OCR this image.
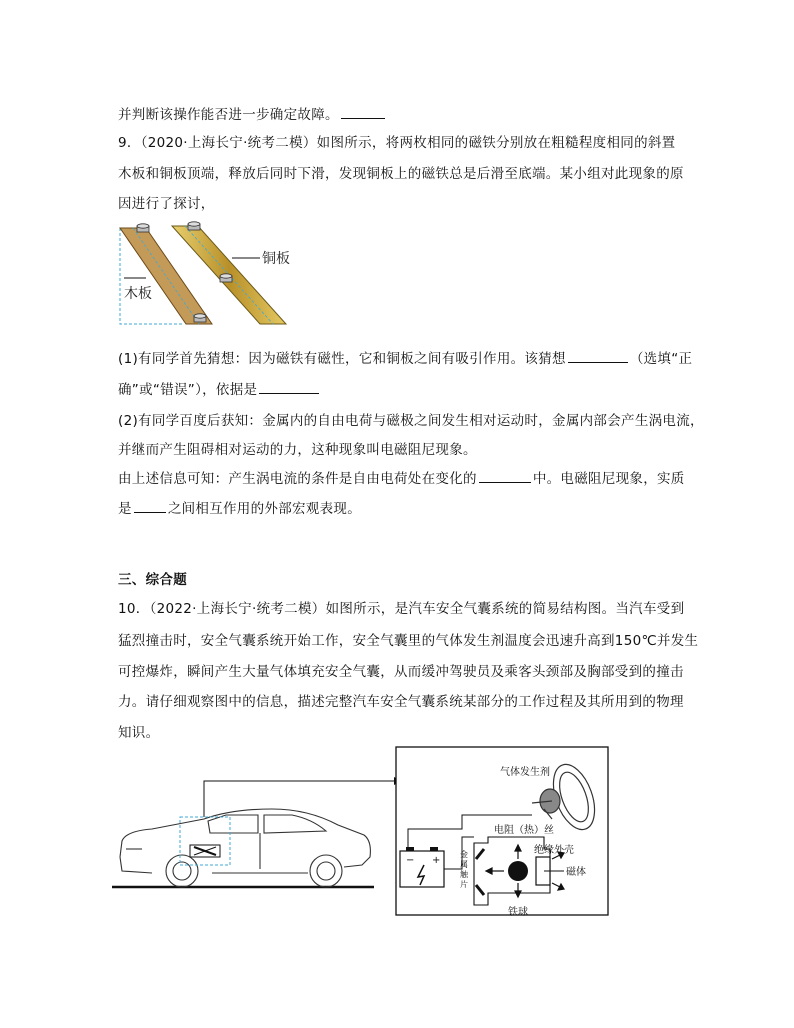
并判断该操作能否进一步确定故障。
9．（2020·上海长宁·统考二模）如图所示，将两枚相同的磁铁分别放在粗糙程度相同的斜置
木板和铜板顶端，释放后同时下滑，发现铜板上的磁铁总是后滑至底端。某小组对此现象的原
因进行了探讨，
铜板
木板
(1)有同学首先猜想：因为磁铁有磁性，它和铜板之间有吸引作用。该猜想	（选填“正
确”或“错误”），依据是
(2)有同学百度后获知：金属内的自由电荷与磁极之间发生相对运动时，金属内部会产生涡电流，
并继而产生阻碍相对运动的力，这种现象叫电磁阻尼现象。
由上述信息可知：产生涡电流的条件是自由电荷处在变化的	中。电磁阻尼现象，实质
是	之间相互作用的外部宏观表现。
三、综合题
10．（2022·上海长宁·统考二模）如图所示，是汽车安全气囊系统的简易结构图。当汽车受到
猛烈撞击时，安全气囊系统开始工作，安全气囊里的气体发生剂温度会迅速升高到150℃并发生
可控爆炸，瞬间产生大量气体填充安全气囊，从而缓冲驾驶员及乘客头颈部及胸部受到的撞击
力。请仔细观察图中的信息，描述完整汽车安全气囊系统某部分的工作过程及其所用到的物理
知识。
气体发生剂
电阻（热）丝
− +
金
属
触
片
绝缘外壳
磁体
铁球
